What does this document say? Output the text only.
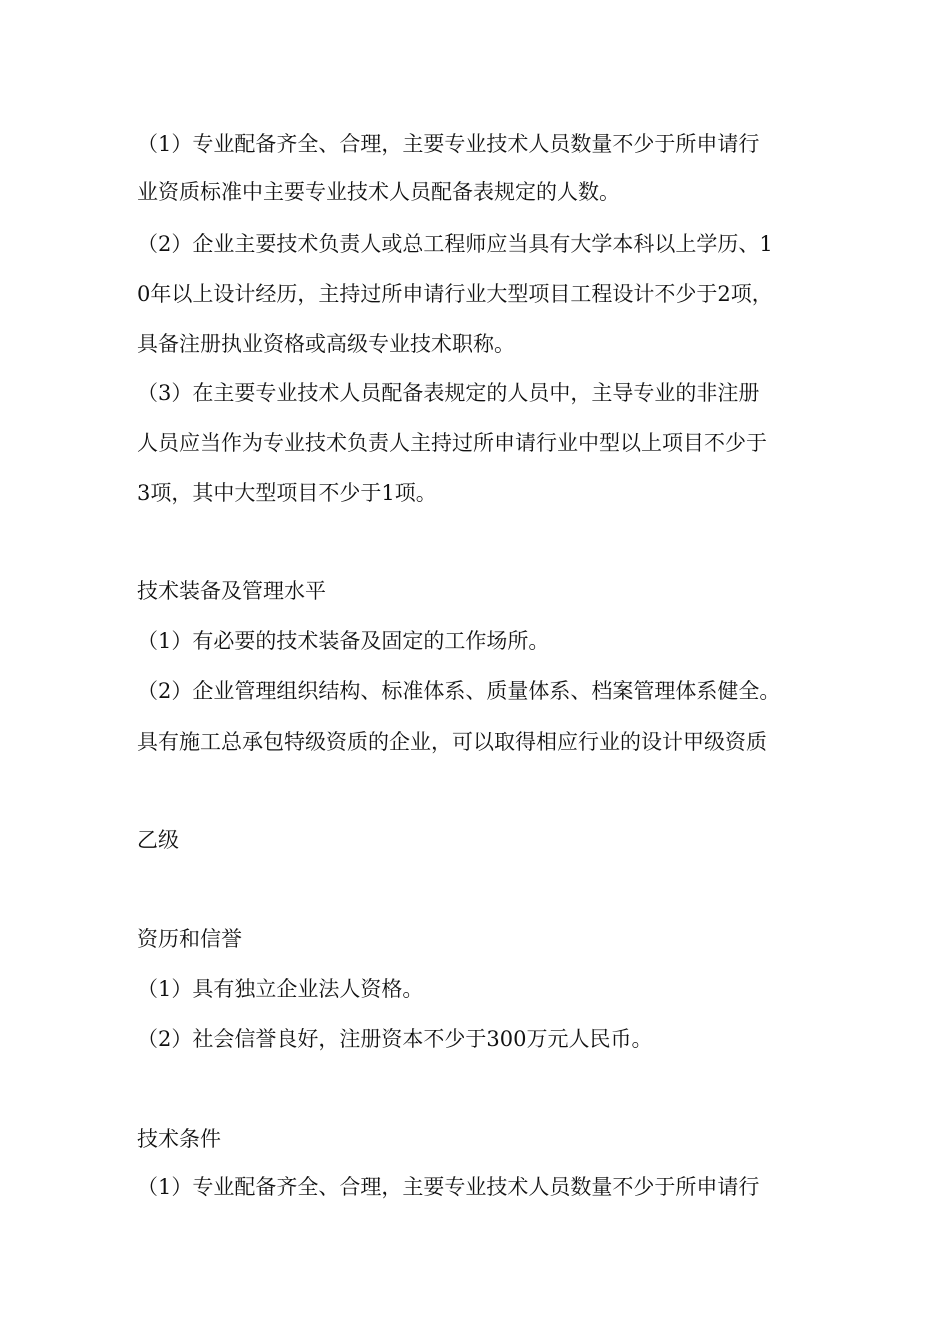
（1）专业配备齐全、合理，主要专业技术人员数量不少于所申请行

业资质标准中主要专业技术人员配备表规定的人数。

（2）企业主要技术负责人或总工程师应当具有大学本科以上学历、1

0年以上设计经历，主持过所申请行业大型项目工程设计不少于2项，

具备注册执业资格或高级专业技术职称。

（3）在主要专业技术人员配备表规定的人员中，主导专业的非注册

人员应当作为专业技术负责人主持过所申请行业中型以上项目不少于

3项，其中大型项目不少于1项。

技术装备及管理水平

（1）有必要的技术装备及固定的工作场所。

（2）企业管理组织结构、标准体系、质量体系、档案管理体系健全。

具有施工总承包特级资质的企业，可以取得相应行业的设计甲级资质

乙级

资历和信誉

（1）具有独立企业法人资格。

（2）社会信誉良好，注册资本不少于300万元人民币。

技术条件

（1）专业配备齐全、合理，主要专业技术人员数量不少于所申请行
